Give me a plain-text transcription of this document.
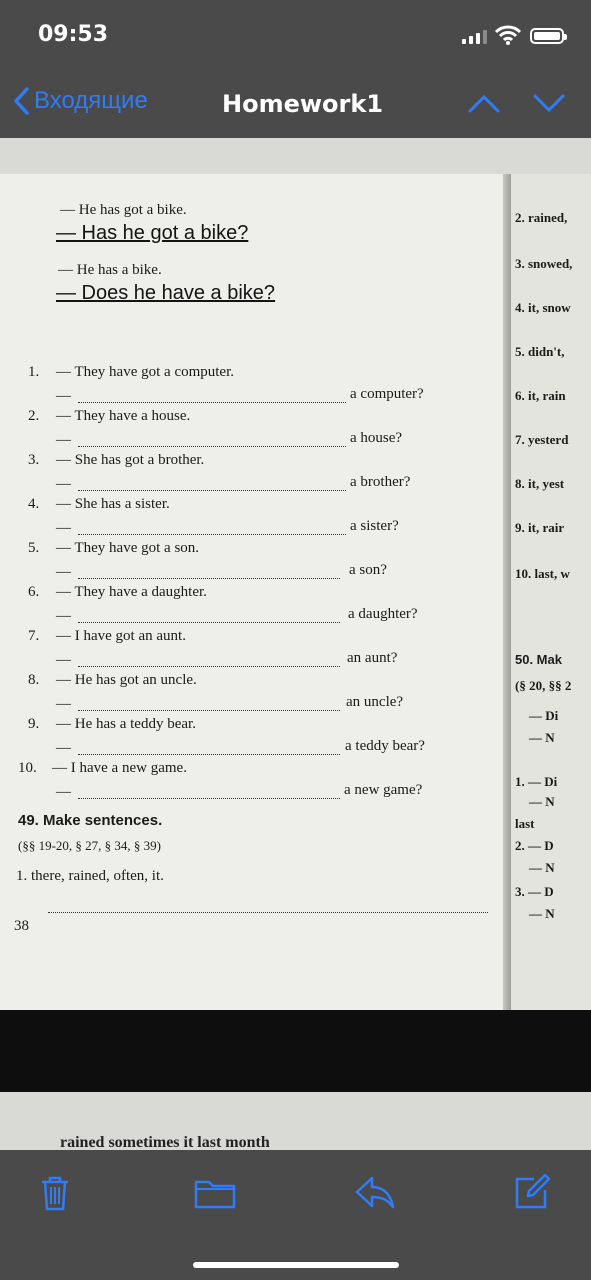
09:53
Входящие	Homework1
— He has got a bike.
— Has he got a bike?
— He has a bike.
— Does he have a bike?
1. — They have got a computer.
—	a computer?
2. — They have a house.
—	a house?
3. — She has got a brother.
—	a brother?
4. — She has a sister.
—	a sister?
5. — They have got a son.
—	a son?
6. — They have a daughter.
—	a daughter?
7. — I have got an aunt.
—	an aunt?
8. — He has got an uncle.
—	an uncle?
9. — He has a teddy bear.
—	a teddy bear?
10. — I have a new game.
—	a new game?
49. Make sentences.
(§§ 19-20, § 27, § 34, § 39)
1. there, rained, often, it.
38
2. rained,
3. snowed,
4. it, snow
5. didn't,
6. it, rain
7. yesterd
8. it, yest
9. it, rair
10. last, w
50. Mak
(§ 20, §§ 2
— Di
— N
1. — Di
— N
last
2. — D
— N
3. — D
— N
rained sometimes it last month
